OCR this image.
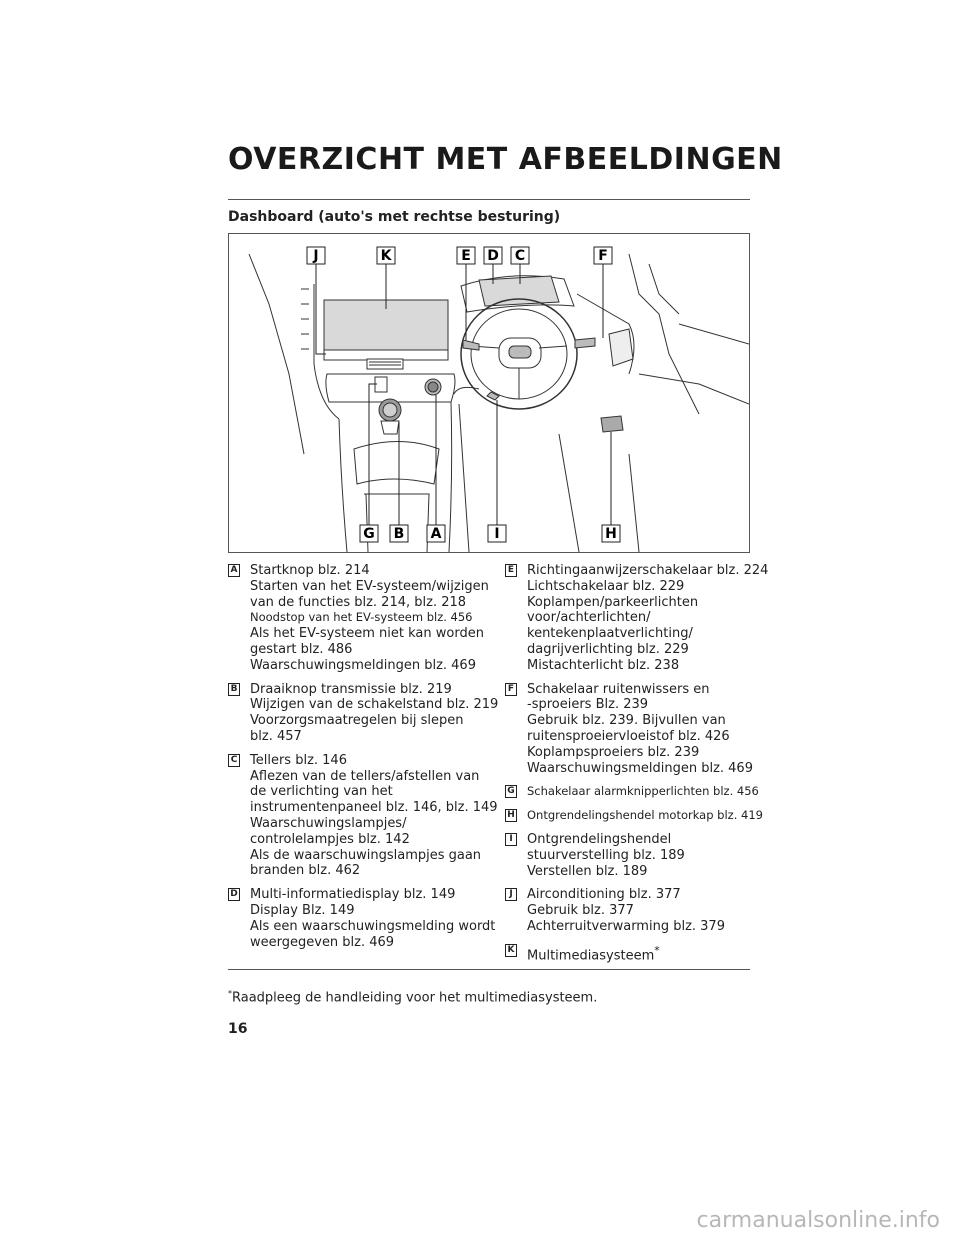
OVERZICHT MET AFBEELDINGEN
Dashboard (auto's met rechtse besturing)
J	K	E D C	F
G B A	I	H
A Startknop blz. 214
Starten van het EV-systeem/wijzigen
van de functies blz. 214, blz. 218
Noodstop van het EV-systeem blz. 456
Als het EV-systeem niet kan worden
gestart blz. 486
Waarschuwingsmeldingen blz. 469
B Draaiknop transmissie blz. 219
Wijzigen van de schakelstand blz. 219
Voorzorgsmaatregelen bij slepen
blz. 457
C Tellers blz. 146
Aflezen van de tellers/afstellen van
de verlichting van het
instrumentenpaneel blz. 146, blz. 149
Waarschuwingslampjes/
controlelampjes blz. 142
Als de waarschuwingslampjes gaan
branden blz. 462
D Multi-informatiedisplay blz. 149
Display Blz. 149
Als een waarschuwingsmelding wordt
weergegeven blz. 469
E Richtingaanwijzerschakelaar blz. 224
Lichtschakelaar blz. 229
Koplampen/parkeerlichten
voor/achterlichten/
kentekenplaatverlichting/
dagrijverlichting blz. 229
Mistachterlicht blz. 238
F Schakelaar ruitenwissers en
-sproeiers Blz. 239
Gebruik blz. 239. Bijvullen van
ruitensproeiervloeistof blz. 426
Koplampsproeiers blz. 239
Waarschuwingsmeldingen blz. 469
G Schakelaar alarmknipperlichten blz. 456
H Ontgrendelingshendel motorkap blz. 419
I	Ontgrendelingshendel
stuurverstelling blz. 189
Verstellen blz. 189
J	Airconditioning blz. 377
Gebruik blz. 377
Achterruitverwarming blz. 379
K Multimediasysteem*
*Raadpleeg de handleiding voor het multimediasysteem.
16
carmanualsonline.info
